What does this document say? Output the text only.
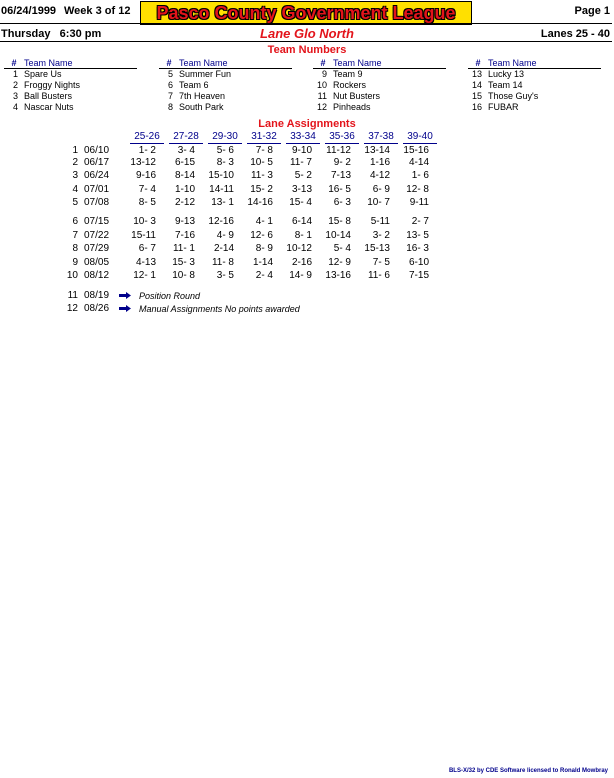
06/24/1999 Week 3 of 12	Pasco County Government League	Page 1
Thursday   6:30 pm	Lane Glo North	Lanes 25 - 40
Team Numbers
# Team Name
1 Spare Us
2 Froggy Nights
3 Ball Busters
4 Nascar Nuts
# Team Name
5 Summer Fun
6 Team 6
7 7th Heaven
8 South Park
# Team Name
9 Team 9
10 Rockers
11 Nut Busters
12 Pinheads
# Team Name
13 Lucky 13
14 Team 14
15 Those Guy's
16 FUBAR
Lane Assignments
25-26	27-28	29-30	31-32	33-34	35-36	37-38	39-40
1 06/10	1- 2	3- 4	5- 6	7- 8	9-10	11-12	13-14	15-16
2 06/17	13-12	6-15	8- 3	10- 5	11- 7	9- 2	1-16	4-14
3 06/24	9-16	8-14	15-10	11- 3	5- 2	7-13	4-12	1- 6
4 07/01	7- 4	1-10	14-11	15- 2	3-13	16- 5	6- 9	12- 8
5 07/08	8- 5	2-12	13- 1	14-16	15- 4	6- 3	10- 7	9-11
6 07/15	10- 3	9-13	12-16	4- 1	6-14	15- 8	5-11	2- 7
7 07/22	15-11	7-16	4- 9	12- 6	8- 1	10-14	3- 2	13- 5
8 07/29	6- 7	11- 1	2-14	8- 9	10-12	5- 4	15-13	16- 3
9 08/05	4-13	15- 3	11- 8	1-14	2-16	12- 9	7- 5	6-10
10 08/12	12- 1	10- 8	3- 5	2- 4	14- 9	13-16	11- 6	7-15
11 08/19	Position Round
12 08/26	Manual Assignments No points awarded
BLS-X/32 by CDE Software licensed to Ronald Mowbray
